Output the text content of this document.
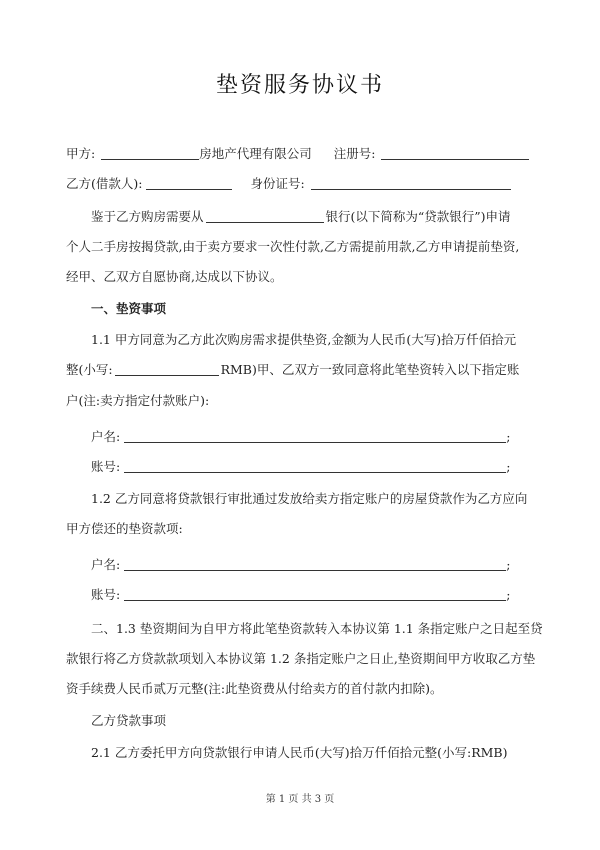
垫资服务协议书
甲方:	房地产代理有限公司 注册号:
乙方(借款人):	身份证号:
鉴于乙方购房需要从	银行(以下简称为“贷款银行”)申请
个人二手房按揭贷款,由于卖方要求一次性付款,乙方需提前用款,乙方申请提前垫资,
经甲、乙双方自愿协商,达成以下协议。
一、垫资事项
1.1 甲方同意为乙方此次购房需求提供垫资,金额为人民币(大写)拾万仟佰拾元
整(小写:	RMB)甲、乙双方一致同意将此笔垫资转入以下指定账
户(注:卖方指定付款账户):
户名:	;
账号:	;
1.2 乙方同意将贷款银行审批通过发放给卖方指定账户的房屋贷款作为乙方应向
甲方偿还的垫资款项:
户名:	;
账号:	;
二、1.3 垫资期间为自甲方将此笔垫资款转入本协议第 1.1 条指定账户之日起至贷
款银行将乙方贷款款项划入本协议第 1.2 条指定账户之日止,垫资期间甲方收取乙方垫
资手续费人民币贰万元整(注:此垫资费从付给卖方的首付款内扣除)。
乙方贷款事项
2.1 乙方委托甲方向贷款银行申请人民币(大写)拾万仟佰拾元整(小写:RMB)
第 1 页 共 3 页
